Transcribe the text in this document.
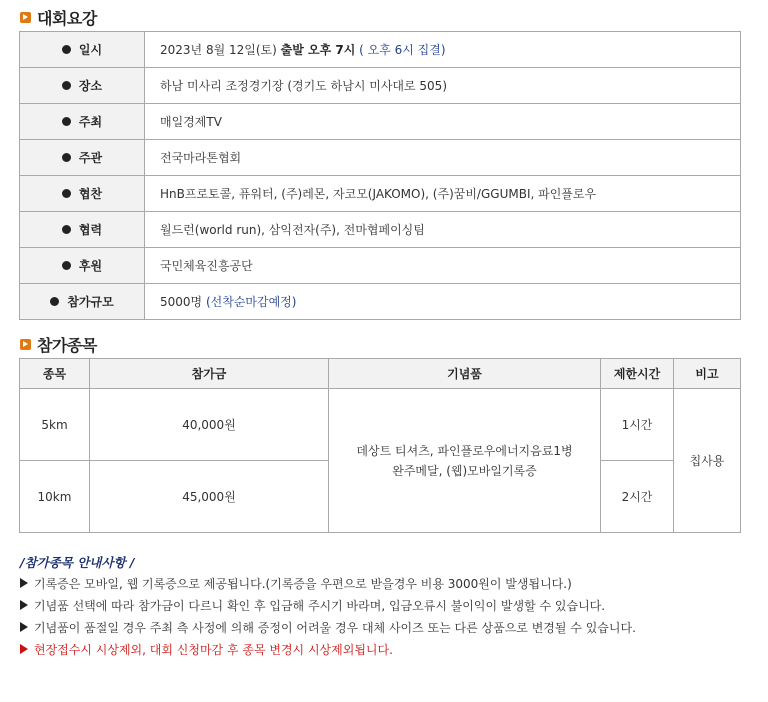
대회요강
일시	2023년 8월 12일(토) 출발 오후 7시 ( 오후 6시 집결)
장소	하남 미사리 조정경기장 (경기도 하남시 미사대로 505)
주최	매일경제TV
주관	전국마라톤협회
협찬	HnB프로토콜, 퓨워터, (주)레몬, 자코모(JAKOMO), (주)꿈비/GGUMBI, 파인플로우
협력	월드런(world run), 삼익전자(주), 전마협페이싱팀
후원	국민체육진흥공단
참가규모	5000명 (선착순마감예정)
참가종목
종목	참가금	기념품	제한시간	비고
5km	40,000원	데상트 티셔츠, 파인플로우에너지음료1병
완주메달, (웹)모바일기록증	1시간	칩사용
10km	45,000원		2시간	
/참가종목 안내사항 /
기록증은 모바일, 웹 기록증으로 제공됩니다.(기록증을 우편으로 받을경우 비용 3000원이 발생됩니다.)
기념품 선택에 따라 참가금이 다르니 확인 후 입금해 주시기 바라며, 입금오류시 불이익이 발생할 수 있습니다.
기념품이 품절일 경우 주최 측 사정에 의해 증정이 어려울 경우 대체 사이즈 또는 다른 상품으로 변경될 수 있습니다.
현장접수시 시상제외, 대회 신청마감 후 종목 변경시 시상제외됩니다.
